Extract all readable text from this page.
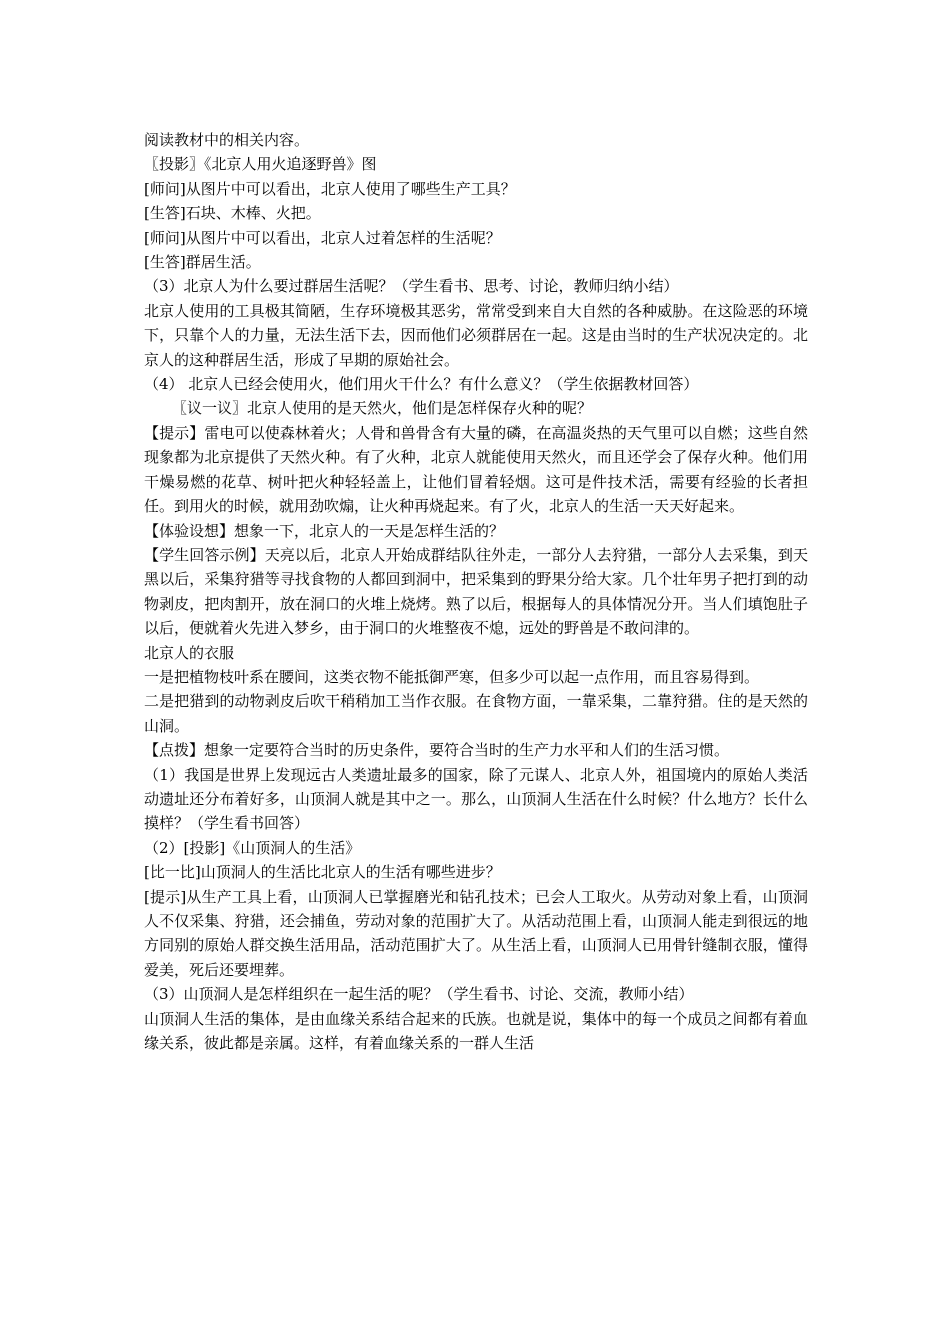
阅读教材中的相关内容。

〖投影〗《北京人用火追逐野兽》图

[师问]从图片中可以看出，北京人使用了哪些生产工具？

[生答]石块、木棒、火把。

[师问]从图片中可以看出，北京人过着怎样的生活呢？

[生答]群居生活。

（3）北京人为什么要过群居生活呢？（学生看书、思考、讨论，教师归纳小结）

北京人使用的工具极其简陋，生存环境极其恶劣，常常受到来自大自然的各种威胁。在这险恶的环境下，只靠个人的力量，无法生活下去，因而他们必须群居在一起。这是由当时的生产状况决定的。北京人的这种群居生活，形成了早期的原始社会。

（4） 北京人已经会使用火，他们用火干什么？有什么意义？（学生依据教材回答）

〖议一议〗北京人使用的是天然火，他们是怎样保存火种的呢？

【提示】雷电可以使森林着火；人骨和兽骨含有大量的磷，在高温炎热的天气里可以自燃；这些自然现象都为北京提供了天然火种。有了火种，北京人就能使用天然火，而且还学会了保存火种。他们用干燥易燃的花草、树叶把火种轻轻盖上，让他们冒着轻烟。这可是件技术活，需要有经验的长者担任。到用火的时候，就用劲吹煽，让火种再烧起来。有了火，北京人的生活一天天好起来。

【体验设想】想象一下，北京人的一天是怎样生活的？

【学生回答示例】天亮以后，北京人开始成群结队往外走，一部分人去狩猎，一部分人去采集，到天黑以后，采集狩猎等寻找食物的人都回到洞中，把采集到的野果分给大家。几个壮年男子把打到的动物剥皮，把肉割开，放在洞口的火堆上烧烤。熟了以后，根据每人的具体情况分开。当人们填饱肚子以后，便就着火先进入梦乡，由于洞口的火堆整夜不熄，远处的野兽是不敢问津的。

北京人的衣服

一是把植物枝叶系在腰间，这类衣物不能抵御严寒，但多少可以起一点作用，而且容易得到。

二是把猎到的动物剥皮后吹干稍稍加工当作衣服。在食物方面，一靠采集，二靠狩猎。住的是天然的山洞。

【点拨】想象一定要符合当时的历史条件，要符合当时的生产力水平和人们的生活习惯。

（1）我国是世界上发现远古人类遗址最多的国家，除了元谋人、北京人外，祖国境内的原始人类活动遗址还分布着好多，山顶洞人就是其中之一。那么，山顶洞人生活在什么时候？什么地方？长什么摸样？（学生看书回答）

（2）[投影]《山顶洞人的生活》

[比一比]山顶洞人的生活比北京人的生活有哪些进步？

[提示]从生产工具上看，山顶洞人已掌握磨光和钻孔技术；已会人工取火。从劳动对象上看，山顶洞人不仅采集、狩猎，还会捕鱼，劳动对象的范围扩大了。从活动范围上看，山顶洞人能走到很远的地方同别的原始人群交换生活用品，活动范围扩大了。从生活上看，山顶洞人已用骨针缝制衣服，懂得爱美，死后还要埋葬。

（3）山顶洞人是怎样组织在一起生活的呢？（学生看书、讨论、交流，教师小结）

山顶洞人生活的集体，是由血缘关系结合起来的氏族。也就是说，集体中的每一个成员之间都有着血缘关系，彼此都是亲属。这样，有着血缘关系的一群人生活
